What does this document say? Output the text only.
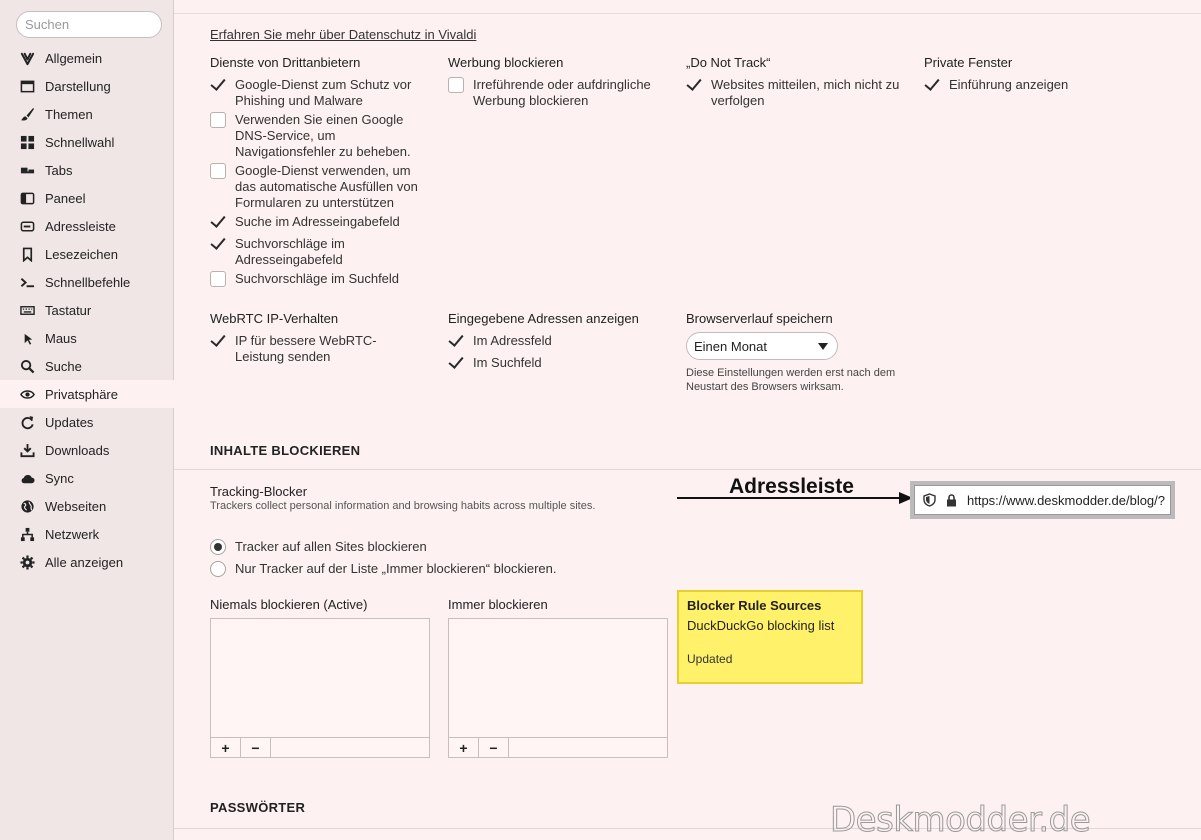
Suchen
Allgemein
Darstellung
Themen
Schnellwahl
Tabs
Paneel
Adressleiste
Lesezeichen
Schnellbefehle
Tastatur
Maus
Suche
Privatsphäre
Updates
Downloads
Sync
Webseiten
Netzwerk
Alle anzeigen
Erfahren Sie mehr über Datenschutz in Vivaldi
Dienste von Drittanbietern
Google-Dienst zum Schutz vor Phishing und Malware
Verwenden Sie einen Google DNS-Service, um Navigationsfehler zu beheben.
Google-Dienst verwenden, um das automatische Ausfüllen von Formularen zu unterstützen
Suche im Adresseingabefeld
Suchvorschläge im Adresseingabefeld
Suchvorschläge im Suchfeld
Werbung blockieren
Irreführende oder aufdringliche Werbung blockieren
„Do Not Track“
Websites mitteilen, mich nicht zu verfolgen
Private Fenster
Einführung anzeigen
WebRTC IP-Verhalten
IP für bessere WebRTC-Leistung senden
Eingegebene Adressen anzeigen
Im Adressfeld
Im Suchfeld
Browserverlauf speichern
Einen Monat
Diese Einstellungen werden erst nach dem Neustart des Browsers wirksam.
INHALTE BLOCKIEREN
Tracking-Blocker
Trackers collect personal information and browsing habits across multiple sites.
Tracker auf allen Sites blockieren
Nur Tracker auf der Liste „Immer blockieren“ blockieren.
Niemals blockieren (Active)
+	−
Immer blockieren
+	−
Blocker Rule Sources
DuckDuckGo blocking list
Updated
Adressleiste
https://www.deskmodder.de/blog/?
PASSWÖRTER	Deskmodder.de
